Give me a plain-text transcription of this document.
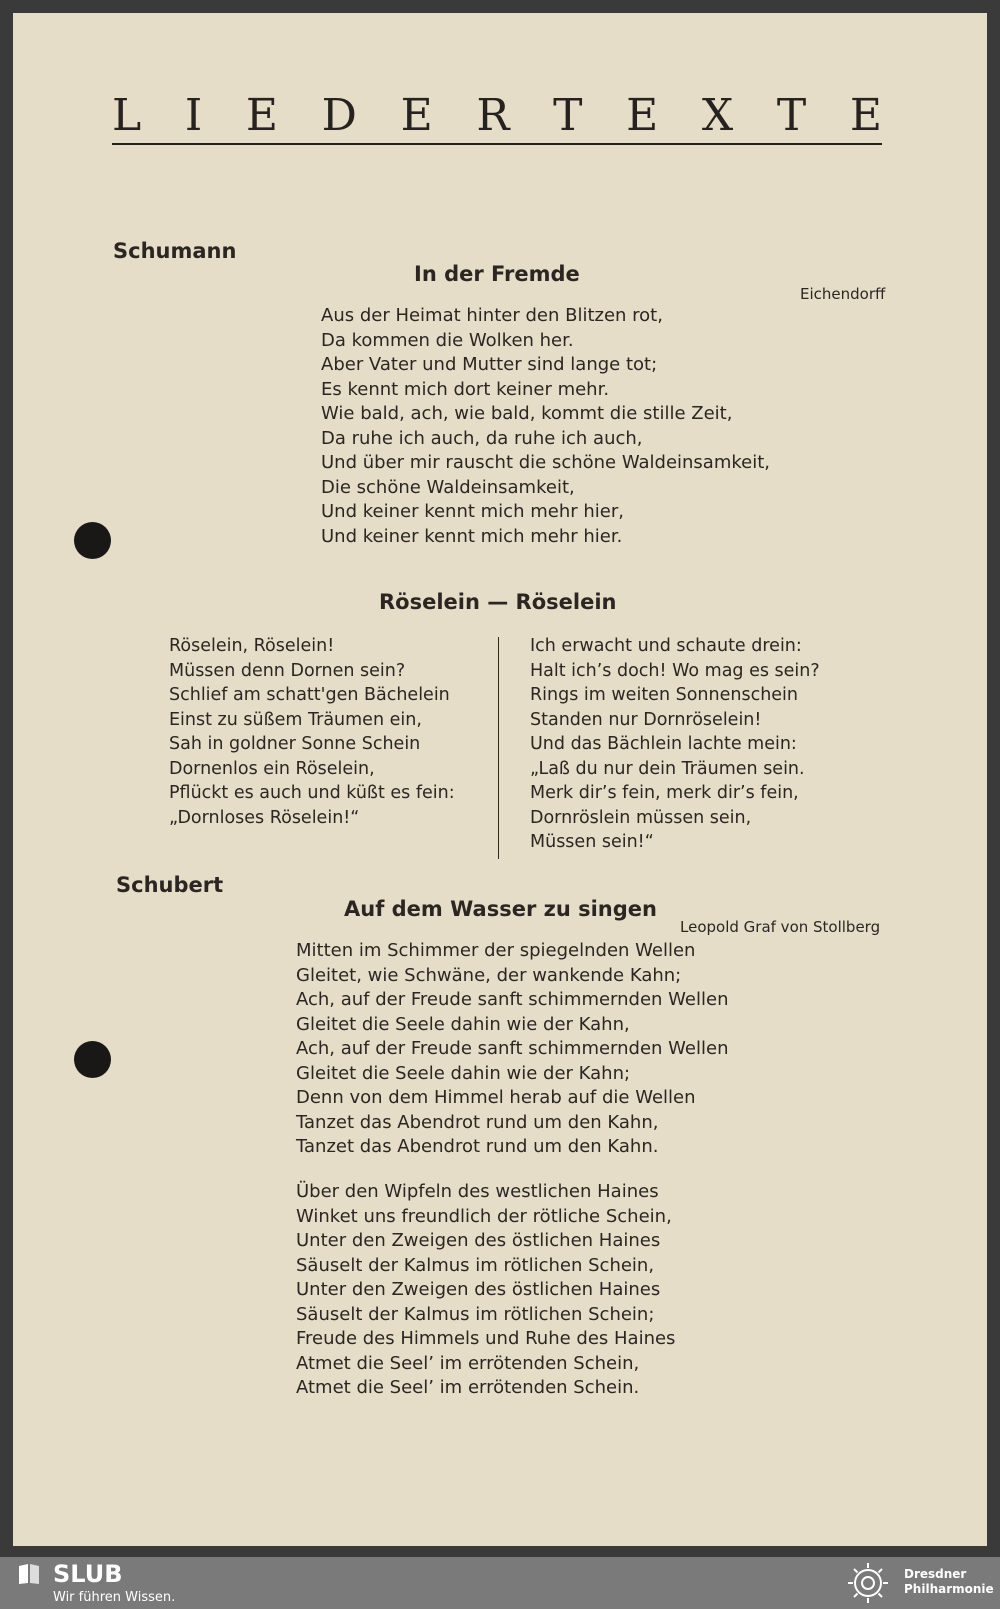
L I E D E R T E X T E
Schumann
In der Fremde
Eichendorff
Aus der Heimat hinter den Blitzen rot,
Da kommen die Wolken her.
Aber Vater und Mutter sind lange tot;
Es kennt mich dort keiner mehr.
Wie bald, ach, wie bald, kommt die stille Zeit,
Da ruhe ich auch, da ruhe ich auch,
Und über mir rauscht die schöne Waldeinsamkeit,
Die schöne Waldeinsamkeit,
Und keiner kennt mich mehr hier,
Und keiner kennt mich mehr hier.
Röselein — Röselein
Röselein, Röselein!
Müssen denn Dornen sein?
Schlief am schatt'gen Bächelein
Einst zu süßem Träumen ein,
Sah in goldner Sonne Schein
Dornenlos ein Röselein,
Pflückt es auch und küßt es fein:
„Dornloses Röselein!“
Ich erwacht und schaute drein:
Halt ich’s doch! Wo mag es sein?
Rings im weiten Sonnenschein
Standen nur Dornröselein!
Und das Bächlein lachte mein:
„Laß du nur dein Träumen sein.
Merk dir’s fein, merk dir’s fein,
Dornröslein müssen sein,
Müssen sein!“
Schubert
Auf dem Wasser zu singen
Leopold Graf von Stollberg
Mitten im Schimmer der spiegelnden Wellen
Gleitet, wie Schwäne, der wankende Kahn;
Ach, auf der Freude sanft schimmernden Wellen
Gleitet die Seele dahin wie der Kahn,
Ach, auf der Freude sanft schimmernden Wellen
Gleitet die Seele dahin wie der Kahn;
Denn von dem Himmel herab auf die Wellen
Tanzet das Abendrot rund um den Kahn,
Tanzet das Abendrot rund um den Kahn.
Über den Wipfeln des westlichen Haines
Winket uns freundlich der rötliche Schein,
Unter den Zweigen des östlichen Haines
Säuselt der Kalmus im rötlichen Schein,
Unter den Zweigen des östlichen Haines
Säuselt der Kalmus im rötlichen Schein;
Freude des Himmels und Ruhe des Haines
Atmet die Seel’ im errötenden Schein,
Atmet die Seel’ im errötenden Schein.
SLUB
Wir führen Wissen.
Dresdner
Philharmonie
